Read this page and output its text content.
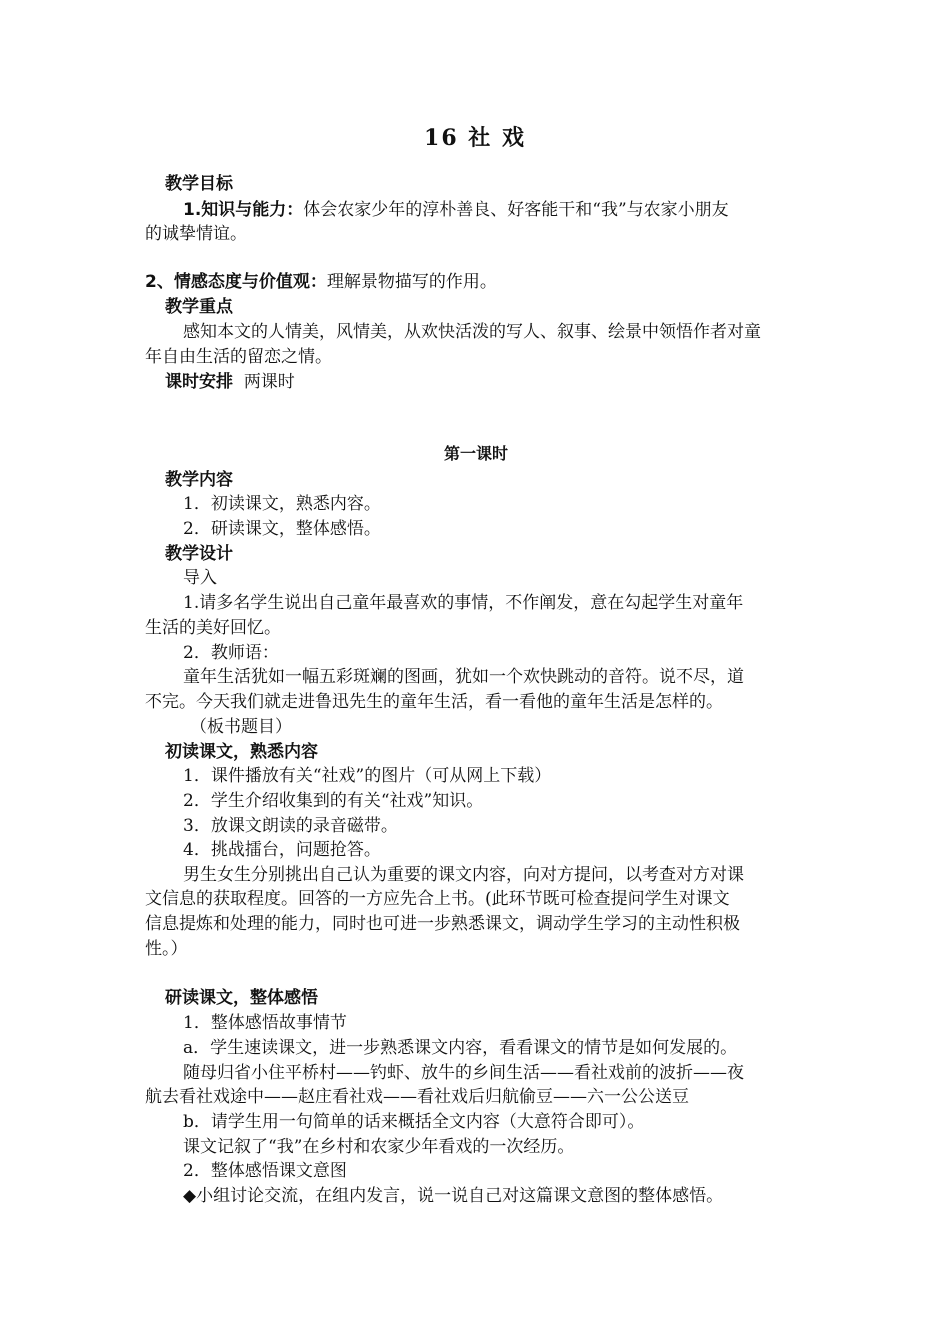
16 社 戏
教学目标
1.知识与能力：体会农家少年的淳朴善良、好客能干和“我”与农家小朋友
的诚挚情谊。
2、情感态度与价值观：理解景物描写的作用。
教学重点
感知本文的人情美，风情美，从欢快活泼的写人、叙事、绘景中领悟作者对童
年自由生活的留恋之情。
课时安排 两课时
第一课时
教学内容
1．初读课文，熟悉内容。
2．研读课文，整体感悟。
教学设计
导入
1.请多名学生说出自己童年最喜欢的事情，不作阐发，意在勾起学生对童年
生活的美好回忆。
2．教师语：
童年生活犹如一幅五彩斑斓的图画，犹如一个欢快跳动的音符。说不尽，道
不完。今天我们就走进鲁迅先生的童年生活，看一看他的童年生活是怎样的。
（板书题目）
初读课文，熟悉内容
1．课件播放有关“社戏”的图片（可从网上下载）
2．学生介绍收集到的有关“社戏”知识。
3．放课文朗读的录音磁带。
4．挑战擂台，问题抢答。
男生女生分别挑出自己认为重要的课文内容，向对方提问，以考查对方对课
文信息的获取程度。回答的一方应先合上书。(此环节既可检查提问学生对课文
信息提炼和处理的能力，同时也可进一步熟悉课文，调动学生学习的主动性积极
性。）
研读课文，整体感悟
1．整体感悟故事情节
a．学生速读课文，进一步熟悉课文内容，看看课文的情节是如何发展的。
随母归省小住平桥村——钓虾、放牛的乡间生活——看社戏前的波折——夜
航去看社戏途中——赵庄看社戏——看社戏后归航偷豆——六一公公送豆
b．请学生用一句简单的话来概括全文内容（大意符合即可）。
课文记叙了“我”在乡村和农家少年看戏的一次经历。
2．整体感悟课文意图
◆小组讨论交流，在组内发言，说一说自己对这篇课文意图的整体感悟。
